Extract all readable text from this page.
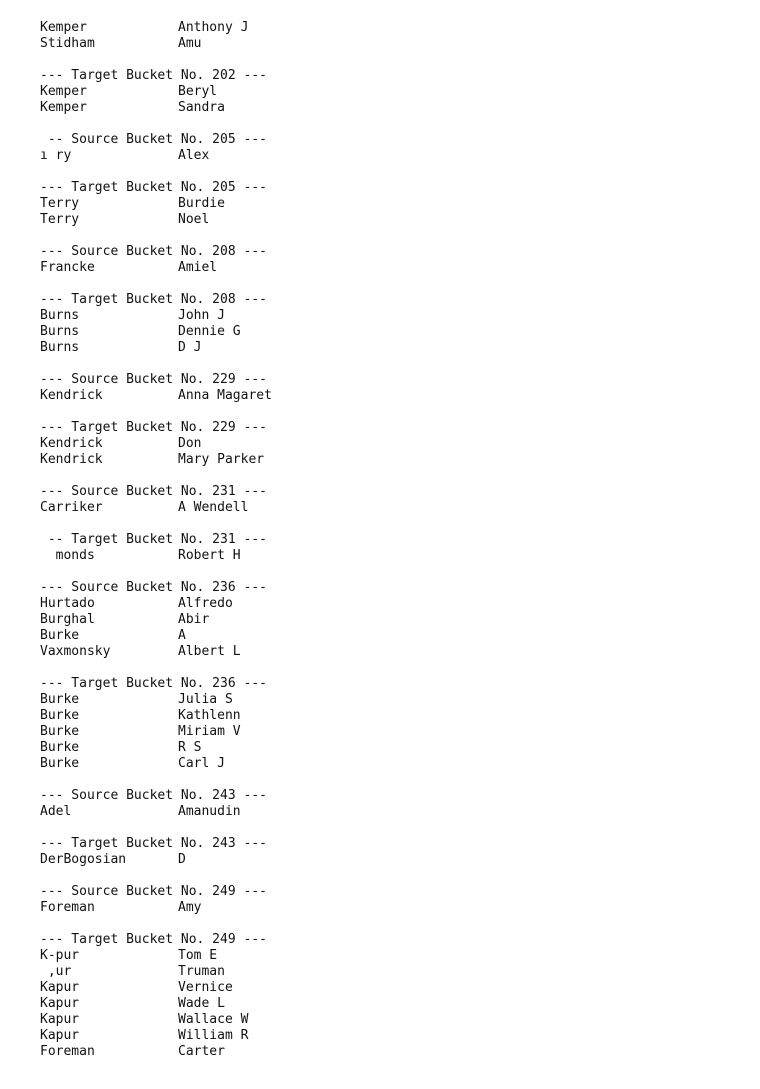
Kemper	Anthony J
Stidham	Amu
--- Target Bucket No. 202 ---
Kemper	Beryl
Kemper	Sandra
-- Source Bucket No. 205 ---
ı ry	Alex
--- Target Bucket No. 205 ---
Terry	Burdie
Terry	Noel
--- Source Bucket No. 208 ---
Francke	Amiel
--- Target Bucket No. 208 ---
Burns	John J
Burns	Dennie G
Burns	D J
--- Source Bucket No. 229 ---
Kendrick	Anna Magaret
--- Target Bucket No. 229 ---
Kendrick	Don
Kendrick	Mary Parker
--- Source Bucket No. 231 ---
Carriker	A Wendell
-- Target Bucket No. 231 ---
monds	Robert H
--- Source Bucket No. 236 ---
Hurtado	Alfredo
Burghal	Abir
Burke	A
Vaxmonsky	Albert L
--- Target Bucket No. 236 ---
Burke	Julia S
Burke	Kathlenn
Burke	Miriam V
Burke	R S
Burke	Carl J
--- Source Bucket No. 243 ---
Adel	Amanudin
--- Target Bucket No. 243 ---
DerBogosian	D
--- Source Bucket No. 249 ---
Foreman	Amy
--- Target Bucket No. 249 ---
K-pur	Tom E
,ur	Truman
Kapur	Vernice
Kapur	Wade L
Kapur	Wallace W
Kapur	William R
Foreman	Carter
